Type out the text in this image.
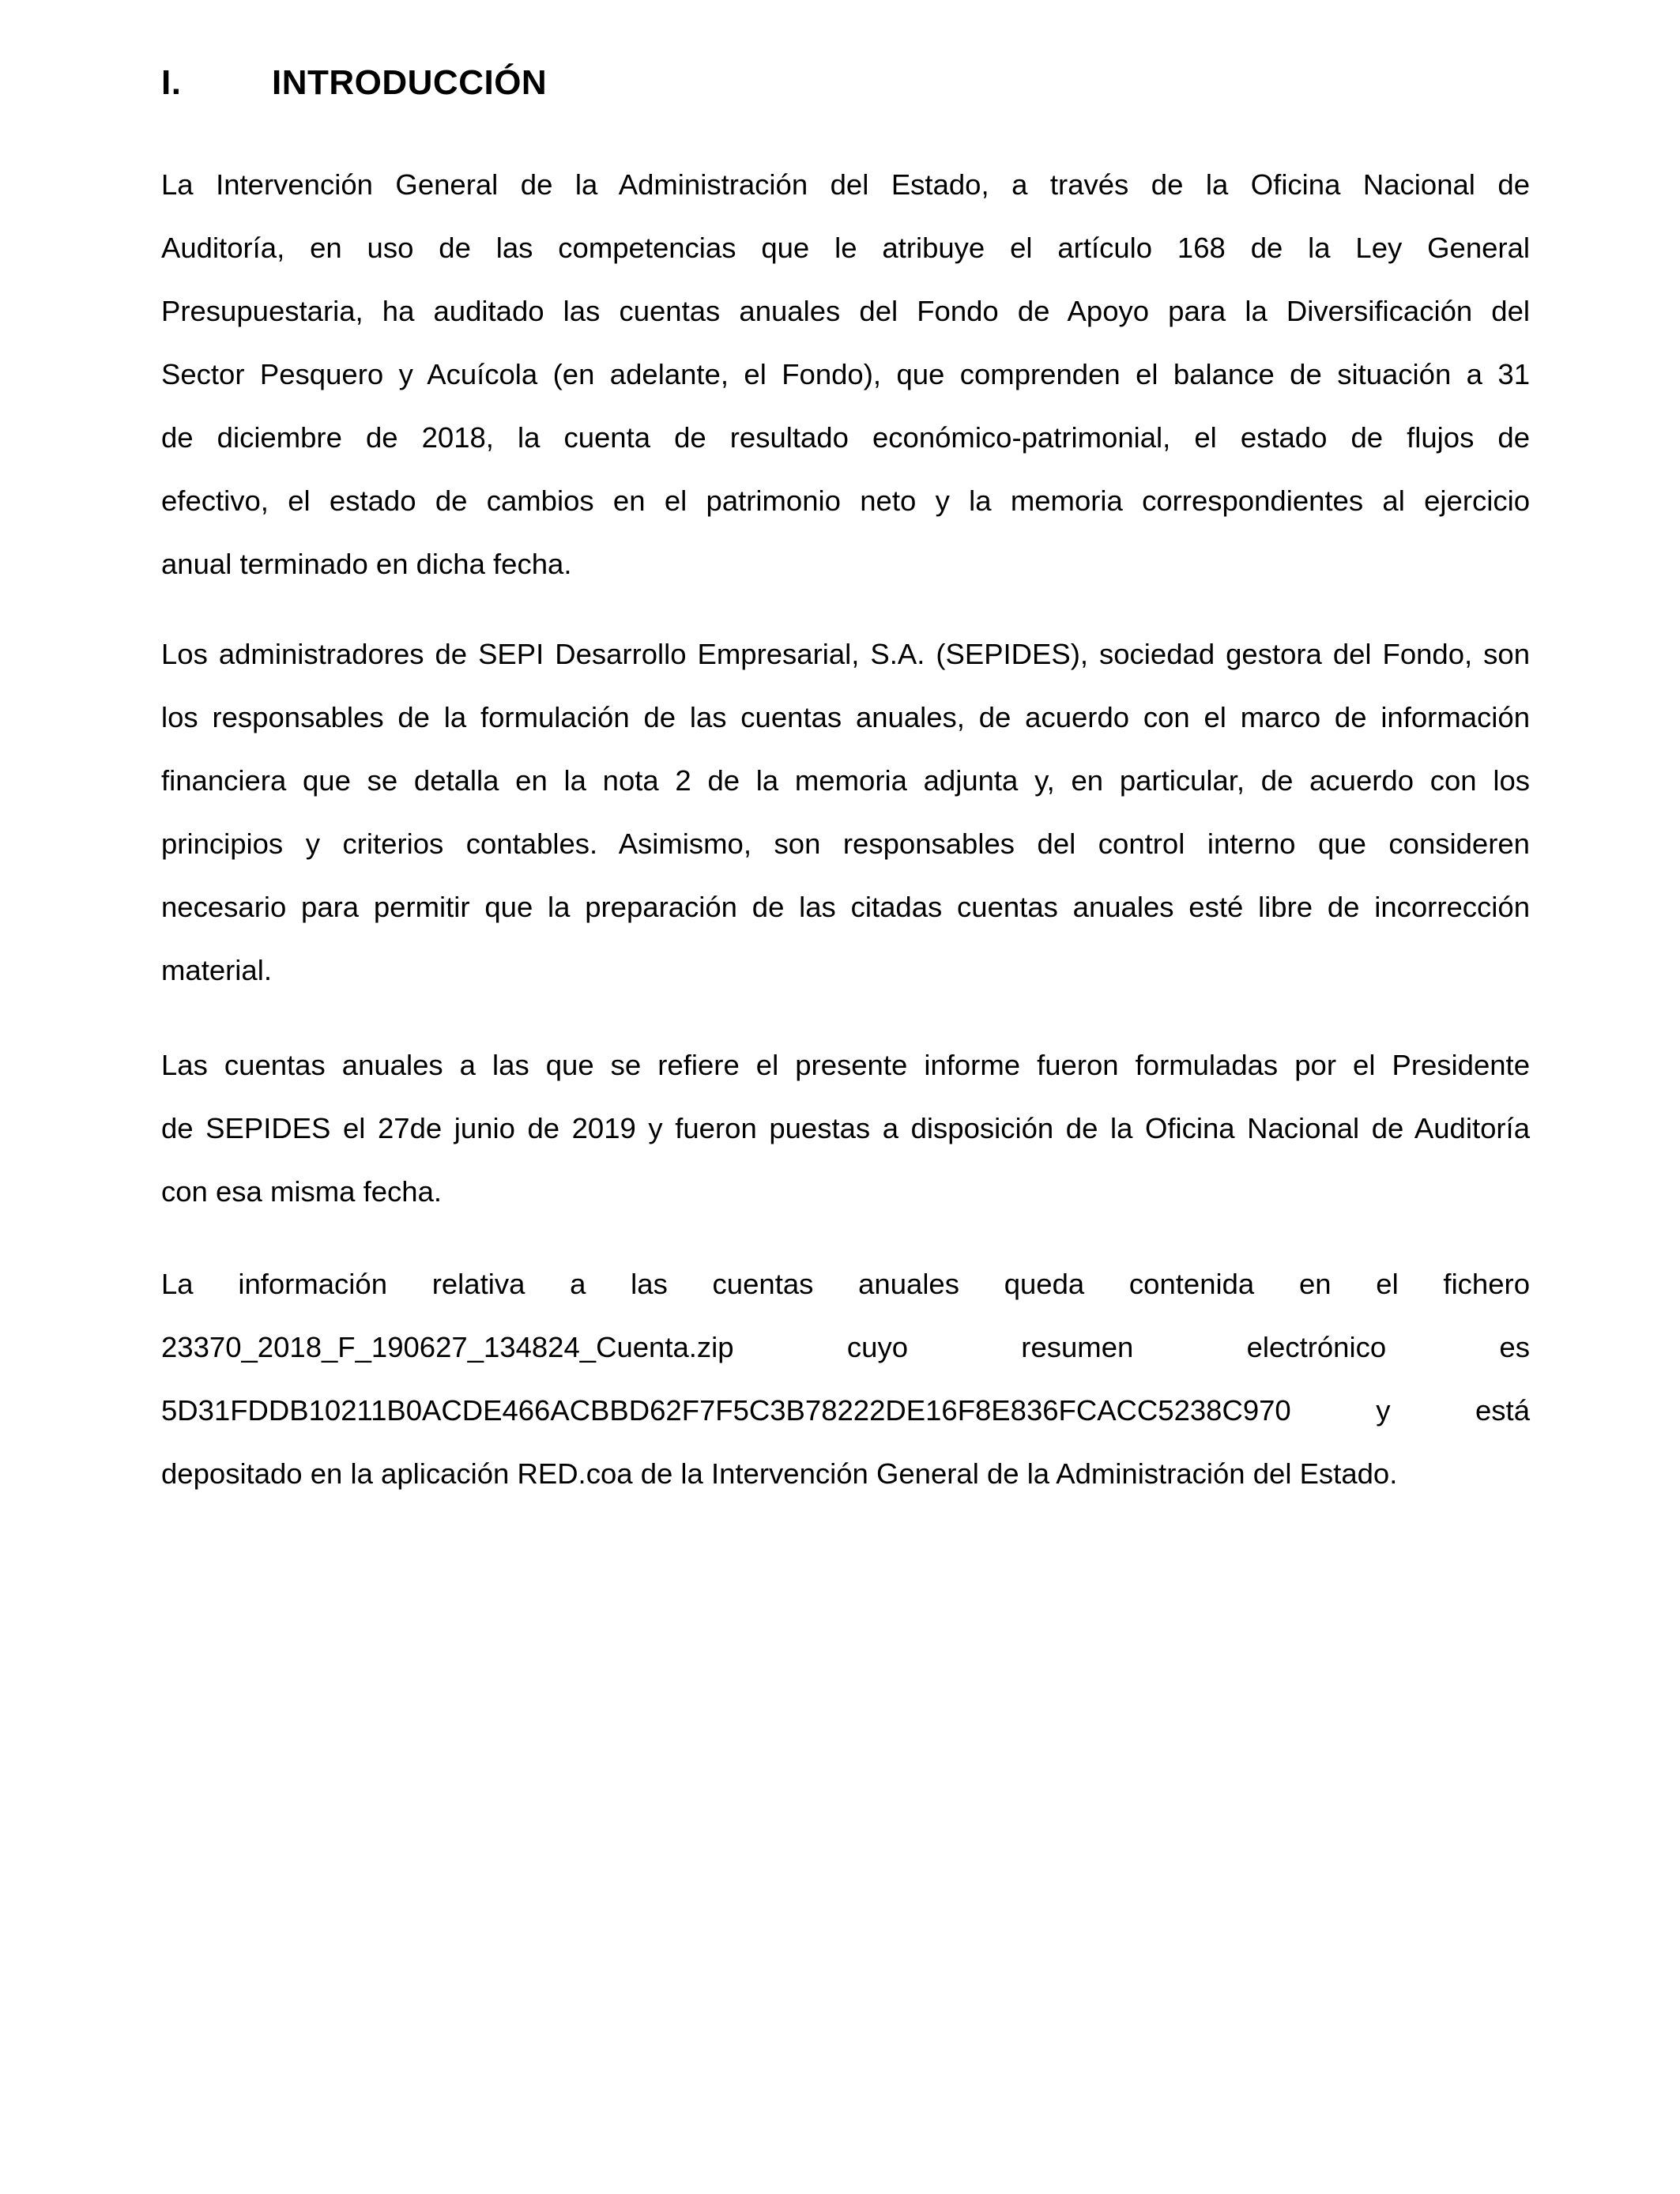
I.	INTRODUCCIÓN
La Intervención General de la Administración del Estado, a través de la Oficina Nacional de
Auditoría, en uso de las competencias que le atribuye el artículo 168 de la Ley General
Presupuestaria, ha auditado las cuentas anuales del Fondo de Apoyo para la Diversificación del
Sector Pesquero y Acuícola (en adelante, el Fondo), que comprenden el balance de situación a 31
de diciembre de 2018, la cuenta de resultado económico-patrimonial, el estado de flujos de
efectivo, el estado de cambios en el patrimonio neto y la memoria correspondientes al ejercicio
anual terminado en dicha fecha.
Los administradores de SEPI Desarrollo Empresarial, S.A. (SEPIDES), sociedad gestora del Fondo, son
los responsables de la formulación de las cuentas anuales, de acuerdo con el marco de información
financiera que se detalla en la nota 2 de la memoria adjunta y, en particular, de acuerdo con los
principios y criterios contables. Asimismo, son responsables del control interno que consideren
necesario para permitir que la preparación de las citadas cuentas anuales esté libre de incorrección
material.
Las cuentas anuales a las que se refiere el presente informe fueron formuladas por el Presidente
de SEPIDES el 27de junio de 2019 y fueron puestas a disposición de la Oficina Nacional de Auditoría
con esa misma fecha.
La información relativa a las cuentas anuales queda contenida en el fichero
23370_2018_F_190627_134824_Cuenta.zip cuyo resumen electrónico es
5D31FDDB10211B0ACDE466ACBBD62F7F5C3B78222DE16F8E836FCACC5238C970 y está
depositado en la aplicación RED.coa de la Intervención General de la Administración del Estado.
